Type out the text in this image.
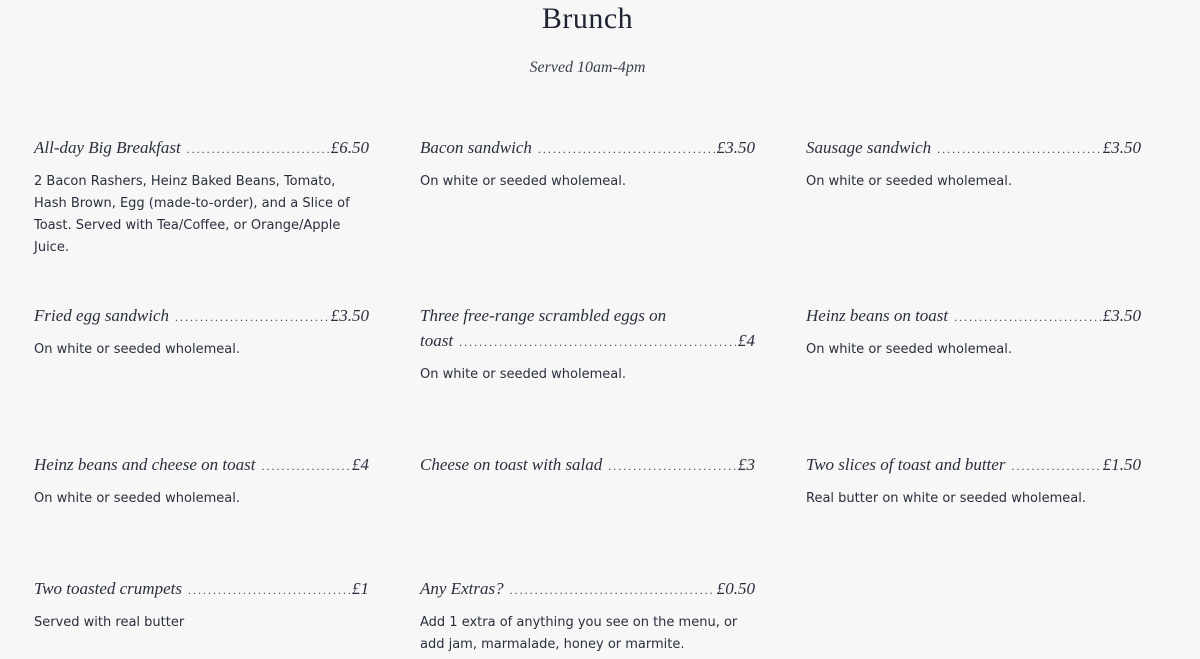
Brunch
Served 10am-4pm
All-day Big Breakfast . . .	£6.50
2 Bacon Rashers, Heinz Baked Beans, Tomato, Hash Brown, Egg (made-to-order), and a Slice of Toast. Served with Tea/Coffee, or Orange/Apple Juice.
Bacon sandwich . . .	£3.50
On white or seeded wholemeal.
Sausage sandwich . . .	£3.50
On white or seeded wholemeal.
Fried egg sandwich . . .	£3.50
On white or seeded wholemeal.
Three free-range scrambled eggs on
toast . . .	£4
On white or seeded wholemeal.
Heinz beans on toast . . .	£3.50
On white or seeded wholemeal.
Heinz beans and cheese on toast . . .	£4
On white or seeded wholemeal.
Cheese on toast with salad . . .	£3	Two slices of toast and butter . . .	£1.50
Real butter on white or seeded wholemeal.
Two toasted crumpets . . .	£1
Served with real butter
Any Extras? . . .	£0.50
Add 1 extra of anything you see on the menu, or add jam, marmalade, honey or marmite.
